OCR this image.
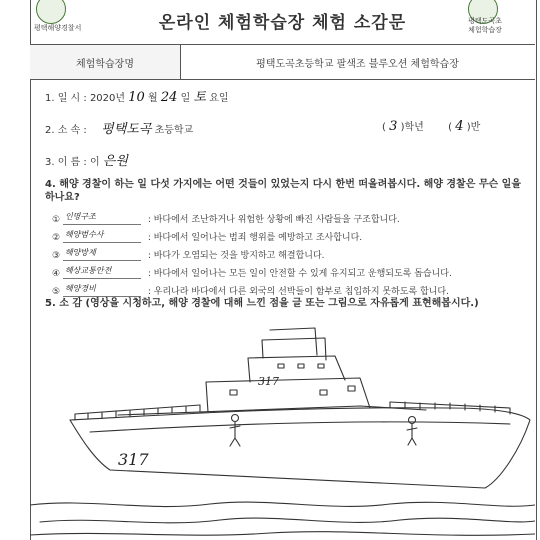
온라인 체험학습장 체험 소감문
평택해양경찰서
평택도곡초
체험학습장
체험학습장명	평택도곡초등학교 팔색조 블루오션 체험학습장
1. 일 시 : 2020년 10 월 24 일 토 요일
2. 소 속 : 평택도곡 초등학교	( 3 )학년 ( 4 )반
3. 이 름 : 이 은원
4. 해양 경찰이 하는 일 다섯 가지에는 어떤 것들이 있었는지 다시 한번 떠올려봅시다. 해양 경찰은 무슨 일을 하나요?
① 인명구조	: 바다에서 조난하거나 위험한 상황에 빠진 사람들을 구조합니다.
② 해양범수사	: 바다에서 일어나는 범죄 행위를 예방하고 조사합니다.
③ 해양방제	: 바다가 오염되는 것을 방지하고 해결합니다.
④ 해상교통안전	: 바다에서 일어나는 모든 일이 안전할 수 있게 유지되고 운행되도록 돕습니다.
⑤ 해양경비	: 우리나라 바다에서 다른 외국의 선박들이 함부로 침입하지 못하도록 합니다.
5. 소 감 (영상을 시청하고, 해양 경찰에 대해 느낀 점을 글 또는 그림으로 자유롭게 표현해봅시다.)
317
317
